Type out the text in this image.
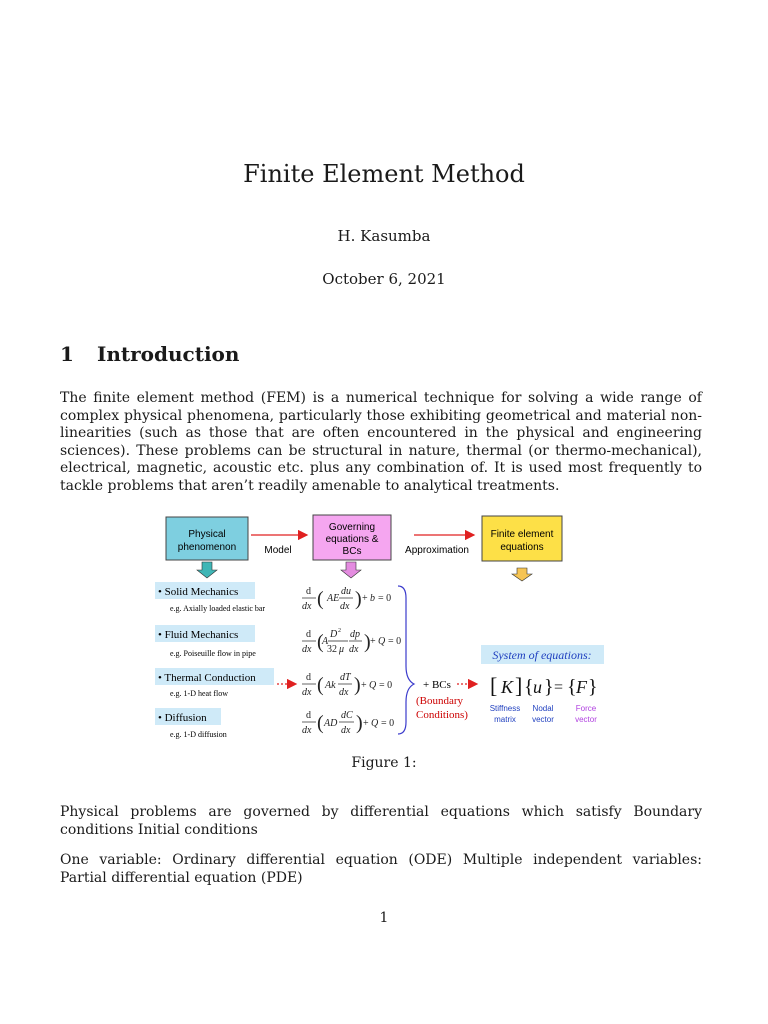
Finite Element Method
H. Kasumba
October 6, 2021
1 Introduction
The finite element method (FEM) is a numerical technique for solving a wide range of complex physical phenomena, particularly those exhibiting geometrical and material non-linearities (such as those that are often encountered in the physical and engineering sciences). These problems can be structural in nature, thermal (or thermo-mechanical), electrical, magnetic, acoustic etc. plus any combination of. It is used most frequently to tackle problems that aren’t readily amenable to analytical treatments.
Physical
phenomenon
Governing
equations &
BCs
Finite element
equations
Model	Approximation
• Solid Mechanics
e.g. Axially loaded elastic bar
• Fluid Mechanics
e.g. Poiseuille flow in pipe
• Thermal Conduction
e.g. 1-D heat flow
• Diffusion
e.g. 1-D diffusion
d
dx ( AE
du
dx ) + b = 0
d
dx (
A
D 2
32 μ
dp
dx ) + Q = 0
d
dx ( Ak
dT
dx ) + Q = 0
d
dx ( AD
dC
dx ) + Q = 0
+ BCs
(Boundary
Conditions)
System of equations:
[ K ] { u } = { F }
Stiffness
matrix
Nodal
vector
Force
vector
Figure 1:
Physical problems are governed by differential equations which satisfy Boundary conditions Initial conditions
One variable: Ordinary differential equation (ODE) Multiple independent variables: Partial differential equation (PDE)
1
